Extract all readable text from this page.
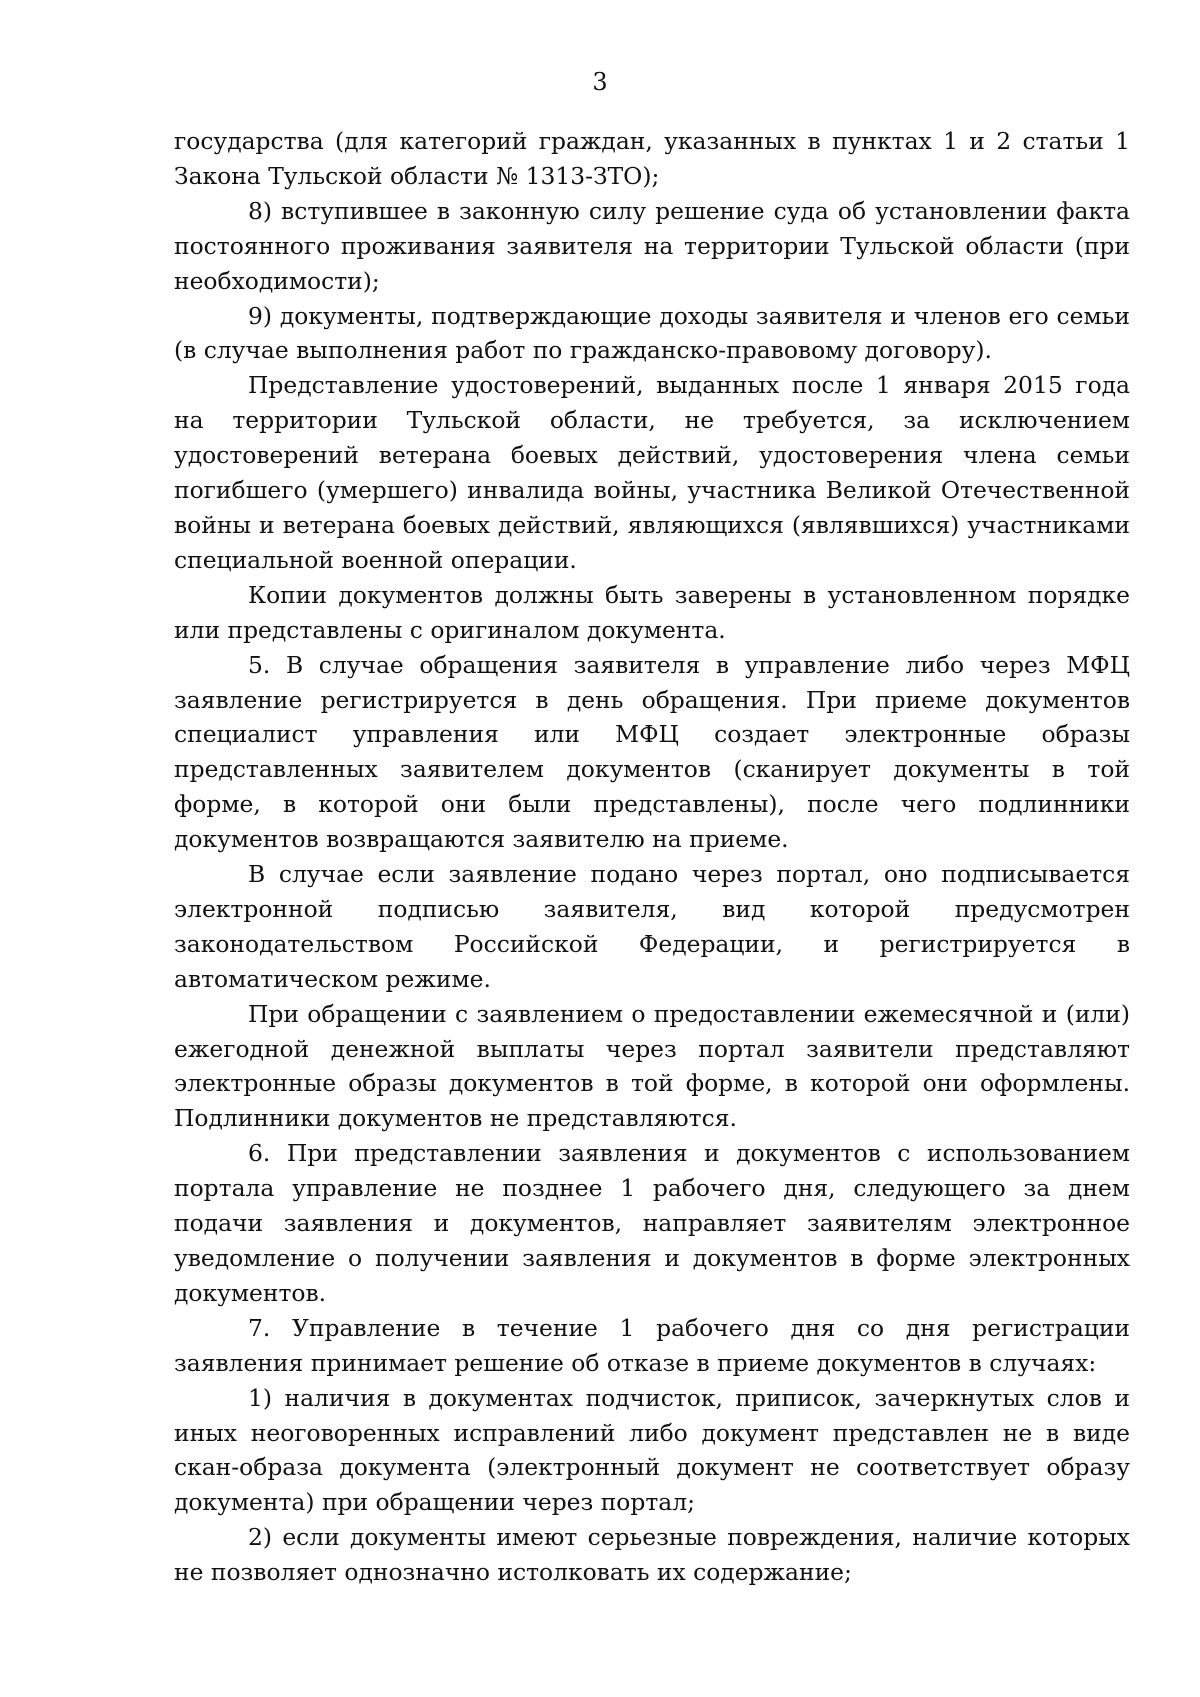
3

государства (для категорий граждан, указанных в пунктах 1 и 2 статьи 1 Закона Тульской области № 1313-ЗТО);

8) вступившее в законную силу решение суда об установлении факта постоянного проживания заявителя на территории Тульской области (при необходимости);

9) документы, подтверждающие доходы заявителя и членов его семьи (в случае выполнения работ по гражданско-правовому договору).

Представление удостоверений, выданных после 1 января 2015 года на территории Тульской области, не требуется, за исключением удостоверений ветерана боевых действий, удостоверения члена семьи погибшего (умершего) инвалида войны, участника Великой Отечественной войны и ветерана боевых действий, являющихся (являвшихся) участниками специальной военной операции.

Копии документов должны быть заверены в установленном порядке или представлены с оригиналом документа.

5. В случае обращения заявителя в управление либо через МФЦ заявление регистрируется в день обращения. При приеме документов специалист управления или МФЦ создает электронные образы представленных заявителем документов (сканирует документы в той форме, в которой они были представлены), после чего подлинники документов возвращаются заявителю на приеме.

В случае если заявление подано через портал, оно подписывается электронной подписью заявителя, вид которой предусмотрен законодательством Российской Федерации, и регистрируется в автоматическом режиме.

При обращении с заявлением о предоставлении ежемесячной и (или) ежегодной денежной выплаты через портал заявители представляют электронные образы документов в той форме, в которой они оформлены. Подлинники документов не представляются.

6. При представлении заявления и документов с использованием портала управление не позднее 1 рабочего дня, следующего за днем подачи заявления и документов, направляет заявителям электронное уведомление о получении заявления и документов в форме электронных документов.

7. Управление в течение 1 рабочего дня со дня регистрации заявления принимает решение об отказе в приеме документов в случаях:

1) наличия в документах подчисток, приписок, зачеркнутых слов и иных неоговоренных исправлений либо документ представлен не в виде скан-образа документа (электронный документ не соответствует образу документа) при обращении через портал;

2) если документы имеют серьезные повреждения, наличие которых не позволяет однозначно истолковать их содержание;
